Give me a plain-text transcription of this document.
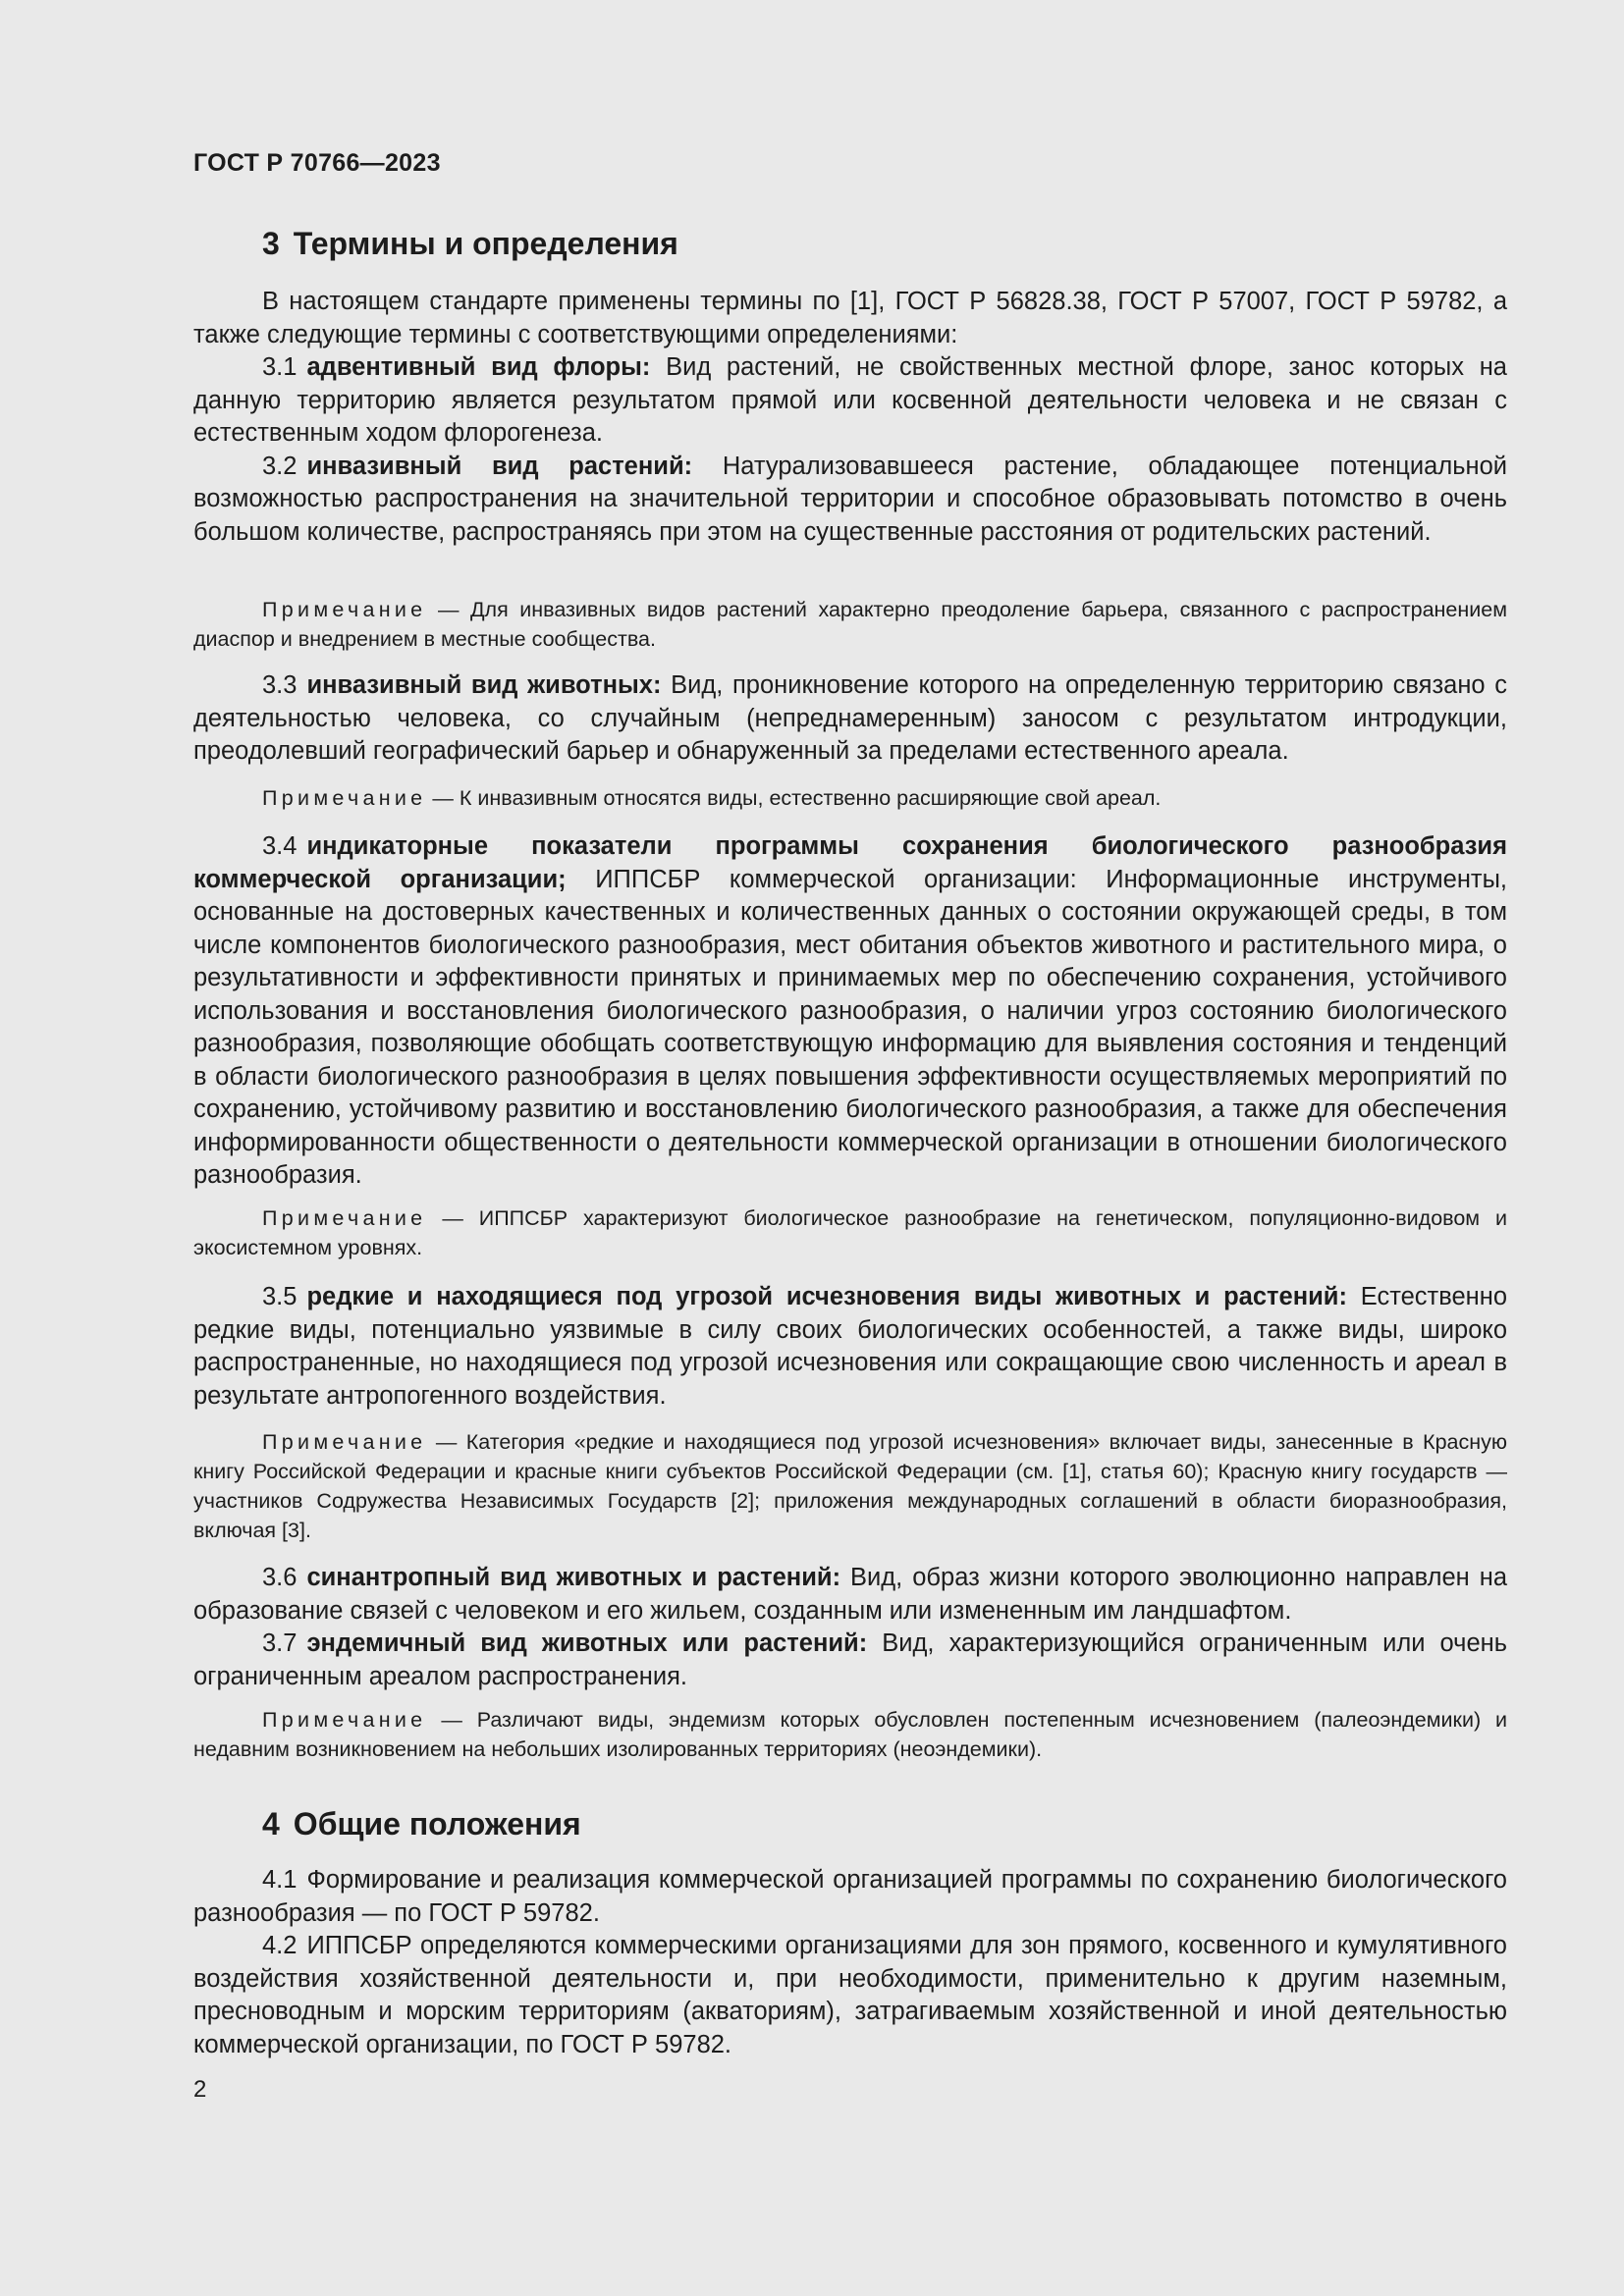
ГОСТ Р 70766—2023
3 Термины и определения

В настоящем стандарте применены термины по [1], ГОСТ Р 56828.38, ГОСТ Р 57007, ГОСТ Р 59782, а также следующие термины с соответствующими определениями:

3.1 адвентивный вид флоры: Вид растений, не свойственных местной флоре, занос которых на данную территорию является результатом прямой или косвенной деятельности человека и не связан с естественным ходом флорогенеза.

3.2 инвазивный вид растений: Натурализовавшееся растение, обладающее потенциальной возможностью распространения на значительной территории и способное образовывать потомство в очень большом количестве, распространяясь при этом на существенные расстояния от родительских растений.

Примечание — Для инвазивных видов растений характерно преодоление барьера, связанного с распространением диаспор и внедрением в местные сообщества.

3.3 инвазивный вид животных: Вид, проникновение которого на определенную территорию связано с деятельностью человека, со случайным (непреднамеренным) заносом с результатом интродукции, преодолевший географический барьер и обнаруженный за пределами естественного ареала.

Примечание — К инвазивным относятся виды, естественно расширяющие свой ареал.

3.4 индикаторные показатели программы сохранения биологического разнообразия коммерческой организации; ИППСБР коммерческой организации: Информационные инструменты, основанные на достоверных качественных и количественных данных о состоянии окружающей среды, в том числе компонентов биологического разнообразия, мест обитания объектов животного и растительного мира, о результативности и эффективности принятых и принимаемых мер по обеспечению сохранения, устойчивого использования и восстановления биологического разнообразия, о наличии угроз состоянию биологического разнообразия, позволяющие обобщать соответствующую информацию для выявления состояния и тенденций в области биологического разнообразия в целях повышения эффективности осуществляемых мероприятий по сохранению, устойчивому развитию и восстановлению биологического разнообразия, а также для обеспечения информированности общественности о деятельности коммерческой организации в отношении биологического разнообразия.

Примечание — ИППСБР характеризуют биологическое разнообразие на генетическом, популяционно-видовом и экосистемном уровнях.

3.5 редкие и находящиеся под угрозой исчезновения виды животных и растений: Естественно редкие виды, потенциально уязвимые в силу своих биологических особенностей, а также виды, широко распространенные, но находящиеся под угрозой исчезновения или сокращающие свою численность и ареал в результате антропогенного воздействия.

Примечание — Категория «редкие и находящиеся под угрозой исчезновения» включает виды, занесенные в Красную книгу Российской Федерации и красные книги субъектов Российской Федерации (см. [1], статья 60); Красную книгу государств — участников Содружества Независимых Государств [2]; приложения международных соглашений в области биоразнообразия, включая [3].

3.6 синантропный вид животных и растений: Вид, образ жизни которого эволюционно направлен на образование связей с человеком и его жильем, созданным или измененным им ландшафтом.

3.7 эндемичный вид животных или растений: Вид, характеризующийся ограниченным или очень ограниченным ареалом распространения.

Примечание — Различают виды, эндемизм которых обусловлен постепенным исчезновением (палеоэндемики) и недавним возникновением на небольших изолированных территориях (неоэндемики).

4 Общие положения

4.1 Формирование и реализация коммерческой организацией программы по сохранению биологического разнообразия — по ГОСТ Р 59782.

4.2 ИППСБР определяются коммерческими организациями для зон прямого, косвенного и кумулятивного воздействия хозяйственной деятельности и, при необходимости, применительно к другим наземным, пресноводным и морским территориям (акваториям), затрагиваемым хозяйственной и иной деятельностью коммерческой организации, по ГОСТ Р 59782.

2
